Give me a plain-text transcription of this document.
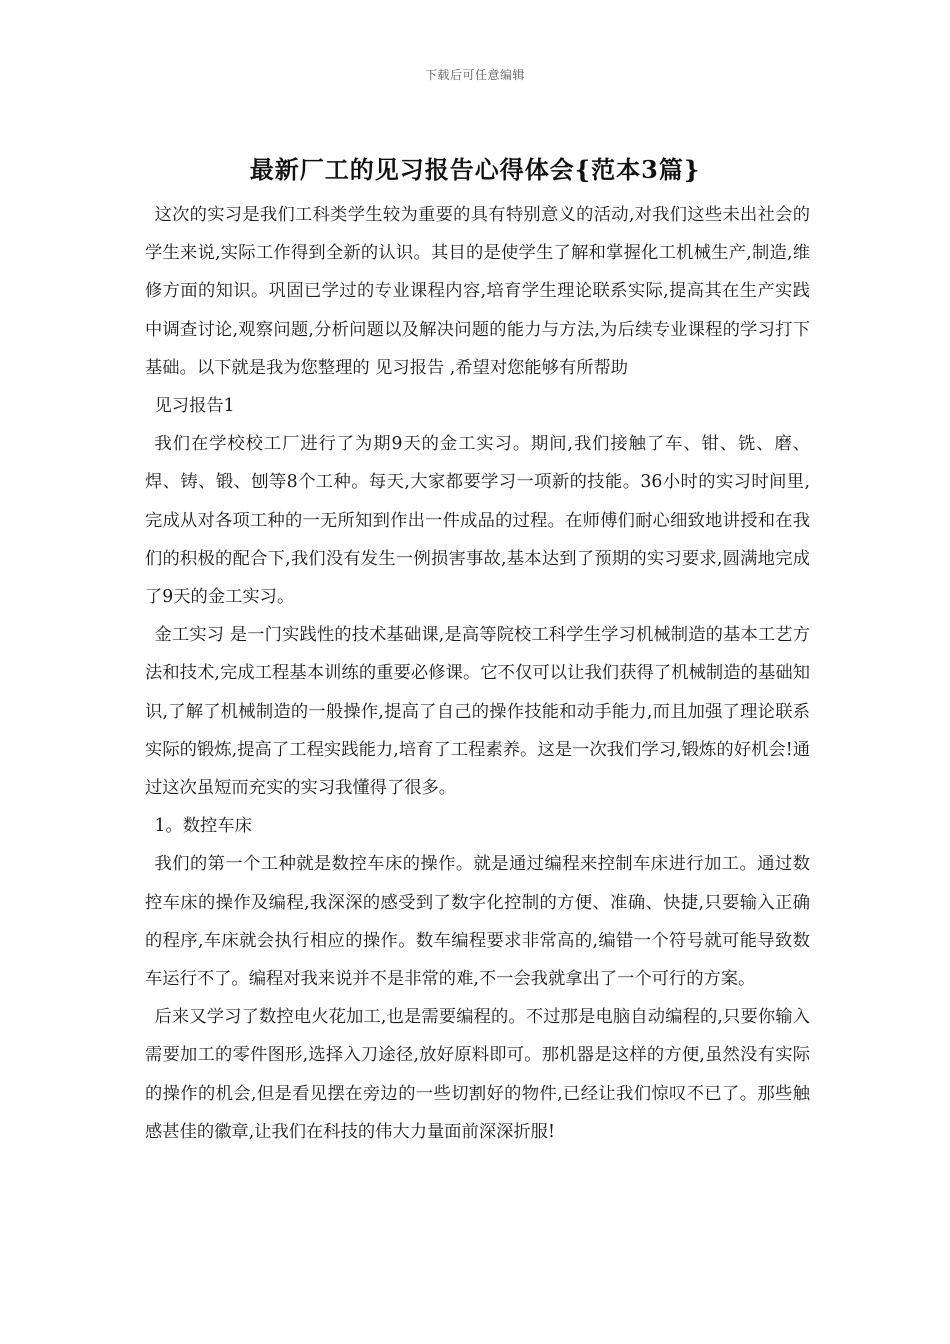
下载后可任意编辑
最新厂工的见习报告心得体会{范本3篇}

这次的实习是我们工科类学生较为重要的具有特别意义的活动,对我们这些未出社会的学生来说,实际工作得到全新的认识。其目的是使学生了解和掌握化工机械生产,制造,维修方面的知识。巩固已学过的专业课程内容,培育学生理论联系实际,提高其在生产实践中调查讨论,观察问题,分析问题以及解决问题的能力与方法,为后续专业课程的学习打下基础。以下就是我为您整理的 见习报告 ,希望对您能够有所帮助

见习报告1

我们在学校校工厂进行了为期9天的金工实习。期间,我们接触了车、钳、铣、磨、焊、铸、锻、刨等8个工种。每天,大家都要学习一项新的技能。36小时的实习时间里,完成从对各项工种的一无所知到作出一件成品的过程。在师傅们耐心细致地讲授和在我们的积极的配合下,我们没有发生一例损害事故,基本达到了预期的实习要求,圆满地完成了9天的金工实习。

金工实习 是一门实践性的技术基础课,是高等院校工科学生学习机械制造的基本工艺方法和技术,完成工程基本训练的重要必修课。它不仅可以让我们获得了机械制造的基础知识,了解了机械制造的一般操作,提高了自己的操作技能和动手能力,而且加强了理论联系实际的锻炼,提高了工程实践能力,培育了工程素养。这是一次我们学习,锻炼的好机会!通过这次虽短而充实的实习我懂得了很多。

1。数控车床

我们的第一个工种就是数控车床的操作。就是通过编程来控制车床进行加工。通过数控车床的操作及编程,我深深的感受到了数字化控制的方便、准确、快捷,只要输入正确的程序,车床就会执行相应的操作。数车编程要求非常高的,编错一个符号就可能导致数车运行不了。编程对我来说并不是非常的难,不一会我就拿出了一个可行的方案。

后来又学习了数控电火花加工,也是需要编程的。不过那是电脑自动编程的,只要你输入需要加工的零件图形,选择入刀途径,放好原料即可。那机器是这样的方便,虽然没有实际的操作的机会,但是看见摆在旁边的一些切割好的物件,已经让我们惊叹不已了。那些触感甚佳的徽章,让我们在科技的伟大力量面前深深折服!
